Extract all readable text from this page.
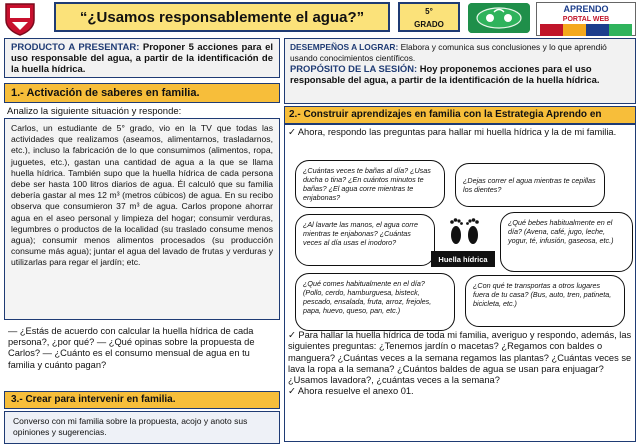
“¿Usamos responsablemente el agua?”	5°
GRADO
APRENDO
PORTAL WEB
PRODUCTO A PRESENTAR: Proponer 5 acciones para el uso responsable del agua, a partir de la identificación de la huella hídrica.
1.- Activación de saberes en familia.
Analizo la siguiente situación y responde:
Carlos, un estudiante de 5° grado, vio en la TV que todas las actividades que realizamos (aseamos, alimentarnos, trasladarnos, etc.), incluso la fabricación de lo que consumimos (alimentos, ropa, juguetes, etc.), gastan una cantidad de agua a la que se llama huella hídrica. También supo que la huella hídrica de cada persona debe ser hasta 100 litros diarios de agua. Él calculó que su familia debería gastar al mes 12 m³ (metros cúbicos) de agua. En su recibo observa que consumieron 37 m³ de agua. Carlos propone ahorrar agua en el aseo personal y limpieza del hogar; consumir verduras, legumbres o productos de la localidad (su traslado consume menos agua); consumir menos alimentos procesados (su producción consume más agua); juntar el agua del lavado de frutas y verduras y utilizarlas para regar el jardín; etc.
— ¿Estás de acuerdo con calcular la huella hídrica de cada persona?, ¿por qué? — ¿Qué opinas sobre la propuesta de Carlos? — ¿Cuánto es el consumo mensual de agua en tu familia y cuánto pagan?
3.- Crear para intervenir en familia.
Converso con mi familia sobre la propuesta, acojo y anoto sus opiniones y sugerencias.
DESEMPEÑOS A LOGRAR: Elabora y comunica sus conclusiones y lo que aprendió usando conocimientos científicos.
PROPÓSITO DE LA SESIÓN: Hoy proponemos acciones para el uso responsable del agua, a partir de la identificación de la huella hídrica.
2.- Construir aprendizajes en familia con la Estrategia Aprendo en
✓ Ahora, respondo las preguntas para hallar mi huella hídrica y la de mi familia.
¿Cuántas veces te bañas al día? ¿Usas ducha o tina? ¿En cuántos minutos te bañas? ¿El agua corre mientras te enjabonas?
¿Dejas correr el agua mientras te cepillas los dientes?
¿Al lavarte las manos, el agua corre mientras te enjabonas? ¿Cuántas veces al día usas el inodoro?
¿Qué bebes habitualmente en el día? (Avena, café, jugo, leche, yogur, té, infusión, gaseosa, etc.)
¿Qué comes habitualmente en el día? (Pollo, cerdo, hamburguesa, bisteck, pescado, ensalada, fruta, arroz, frejoles, papa, huevo, queso, pan, etc.)
¿Con qué te transportas a otros lugares fuera de tu casa? (Bus, auto, tren, patineta, bicicleta, etc.)
Huella hídrica
✓ Para hallar la huella hídrica de toda mi familia, averiguo y respondo, además, las siguientes preguntas: ¿Tenemos jardín o macetas? ¿Regamos con baldes o manguera? ¿Cuántas veces a la semana regamos las plantas? ¿Cuántas veces se lava la ropa a la semana? ¿Cuántos baldes de agua se usan para enjuagar? ¿Usamos lavadora?, ¿cuántas veces a la semana?
✓ Ahora resuelve el anexo 01.
